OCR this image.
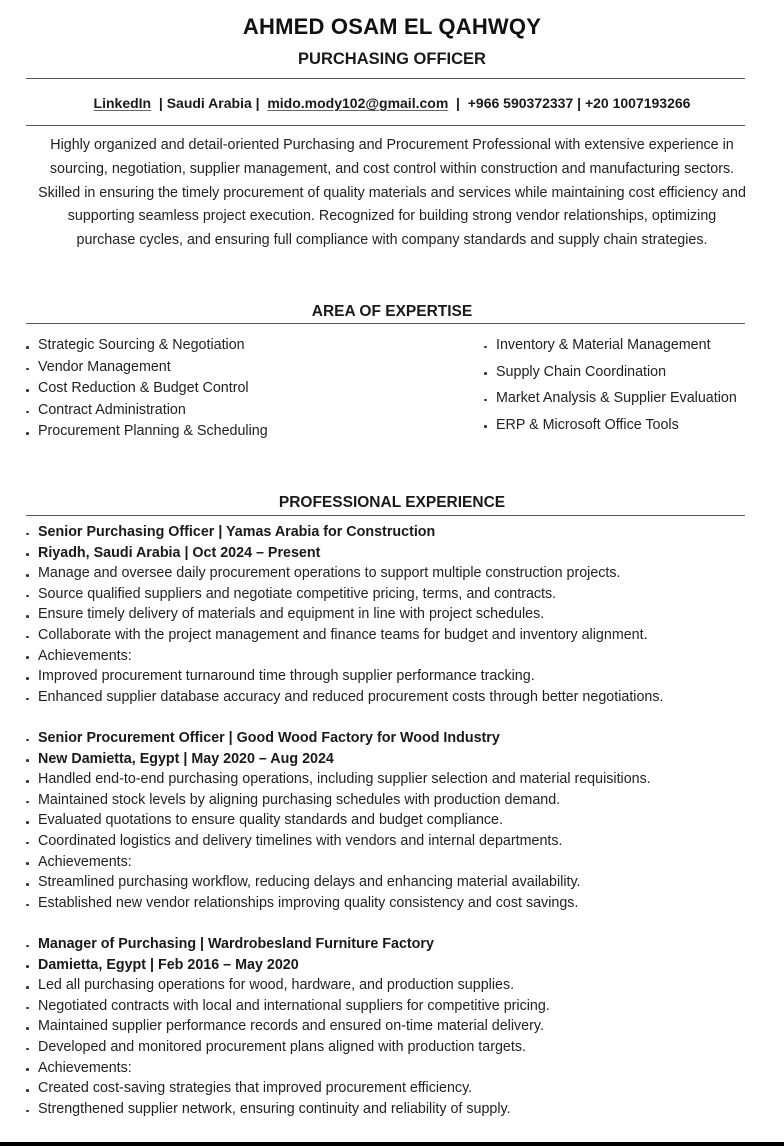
AHMED OSAM EL QAHWQY
PURCHASING OFFICER
LinkedIn  | Saudi Arabia |  mido.mody102@gmail.com  |  +966 590372337 | +20 1007193266
Highly organized and detail-oriented Purchasing and Procurement Professional with extensive experience in
sourcing, negotiation, supplier management, and cost control within construction and manufacturing sectors.
Skilled in ensuring the timely procurement of quality materials and services while maintaining cost efficiency and
supporting seamless project execution. Recognized for building strong vendor relationships, optimizing
purchase cycles, and ensuring full compliance with company standards and supply chain strategies.
AREA OF EXPERTISE
Strategic Sourcing & Negotiation
Vendor Management
Cost Reduction & Budget Control
Contract Administration
Procurement Planning & Scheduling
Inventory & Material Management
Supply Chain Coordination
Market Analysis & Supplier Evaluation
ERP & Microsoft Office Tools
PROFESSIONAL EXPERIENCE
Senior Purchasing Officer | Yamas Arabia for Construction
Riyadh, Saudi Arabia | Oct 2024 – Present
Manage and oversee daily procurement operations to support multiple construction projects.
Source qualified suppliers and negotiate competitive pricing, terms, and contracts.
Ensure timely delivery of materials and equipment in line with project schedules.
Collaborate with the project management and finance teams for budget and inventory alignment.
Achievements:
Improved procurement turnaround time through supplier performance tracking.
Enhanced supplier database accuracy and reduced procurement costs through better negotiations.
Senior Procurement Officer | Good Wood Factory for Wood Industry
New Damietta, Egypt | May 2020 – Aug 2024
Handled end-to-end purchasing operations, including supplier selection and material requisitions.
Maintained stock levels by aligning purchasing schedules with production demand.
Evaluated quotations to ensure quality standards and budget compliance.
Coordinated logistics and delivery timelines with vendors and internal departments.
Achievements:
Streamlined purchasing workflow, reducing delays and enhancing material availability.
Established new vendor relationships improving quality consistency and cost savings.
Manager of Purchasing | Wardrobesland Furniture Factory
Damietta, Egypt | Feb 2016 – May 2020
Led all purchasing operations for wood, hardware, and production supplies.
Negotiated contracts with local and international suppliers for competitive pricing.
Maintained supplier performance records and ensured on-time material delivery.
Developed and monitored procurement plans aligned with production targets.
Achievements:
Created cost-saving strategies that improved procurement efficiency.
Strengthened supplier network, ensuring continuity and reliability of supply.
